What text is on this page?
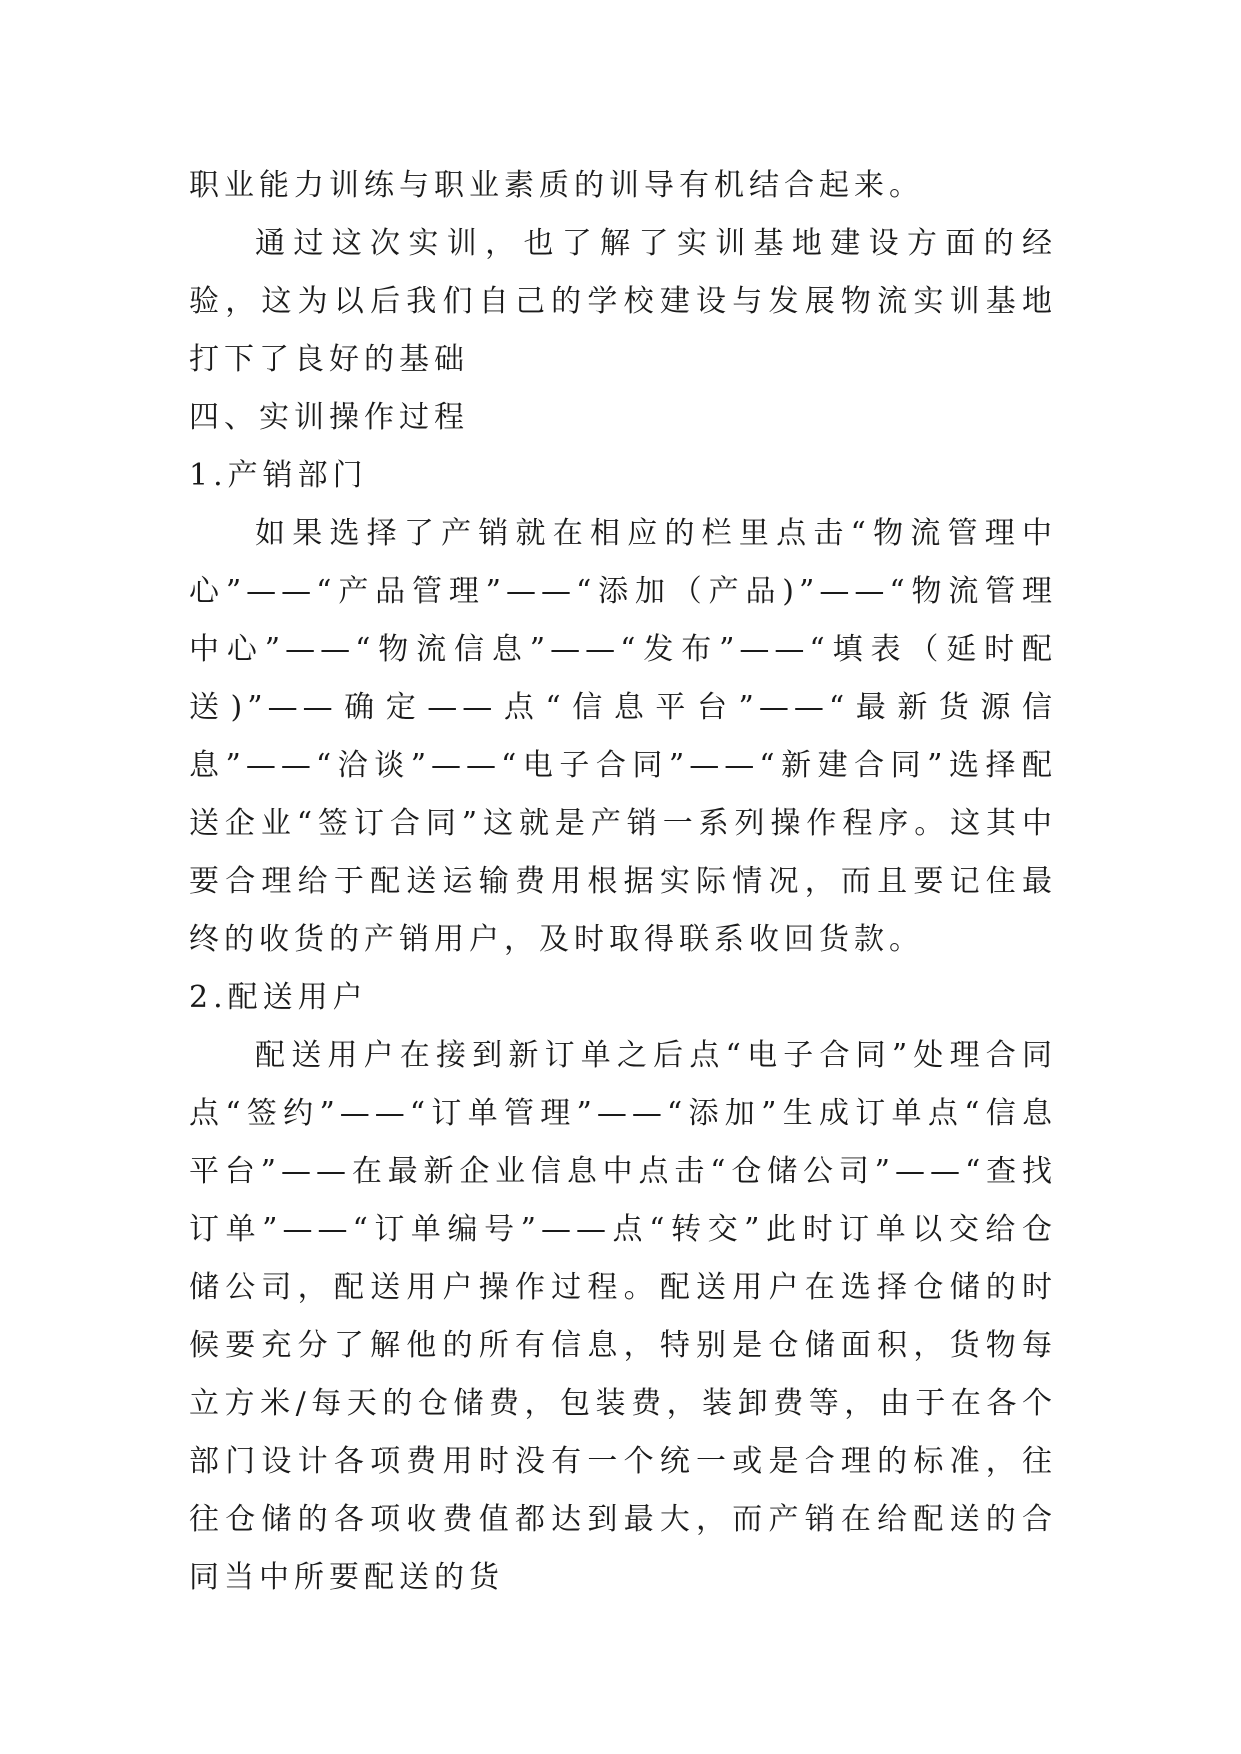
职业能力训练与职业素质的训导有机结合起来。

通过这次实训，也了解了实训基地建设方面的经验，这为以后我们自己的学校建设与发展物流实训基地打下了良好的基础

四、实训操作过程

1.产销部门

如果选择了产销就在相应的栏里点击“物流管理中心”——“产品管理”——“添加（产品)”——“物流管理中心”——“物流信息”——“发布”——“填表（延时配送)”——确定——点“信息平台”——“最新货源信息”——“洽谈”——“电子合同”——“新建合同”选择配送企业“签订合同”这就是产销一系列操作程序。这其中要合理给于配送运输费用根据实际情况，而且要记住最终的收货的产销用户，及时取得联系收回货款。

2.配送用户

配送用户在接到新订单之后点“电子合同”处理合同点“签约”——“订单管理”——“添加”生成订单点“信息平台”——在最新企业信息中点击“仓储公司”——“查找订单”——“订单编号”——点“转交”此时订单以交给仓储公司，配送用户操作过程。配送用户在选择仓储的时候要充分了解他的所有信息，特别是仓储面积，货物每立方米/每天的仓储费，包装费，装卸费等，由于在各个部门设计各项费用时没有一个统一或是合理的标准，往往仓储的各项收费值都达到最大，而产销在给配送的合同当中所要配送的货
